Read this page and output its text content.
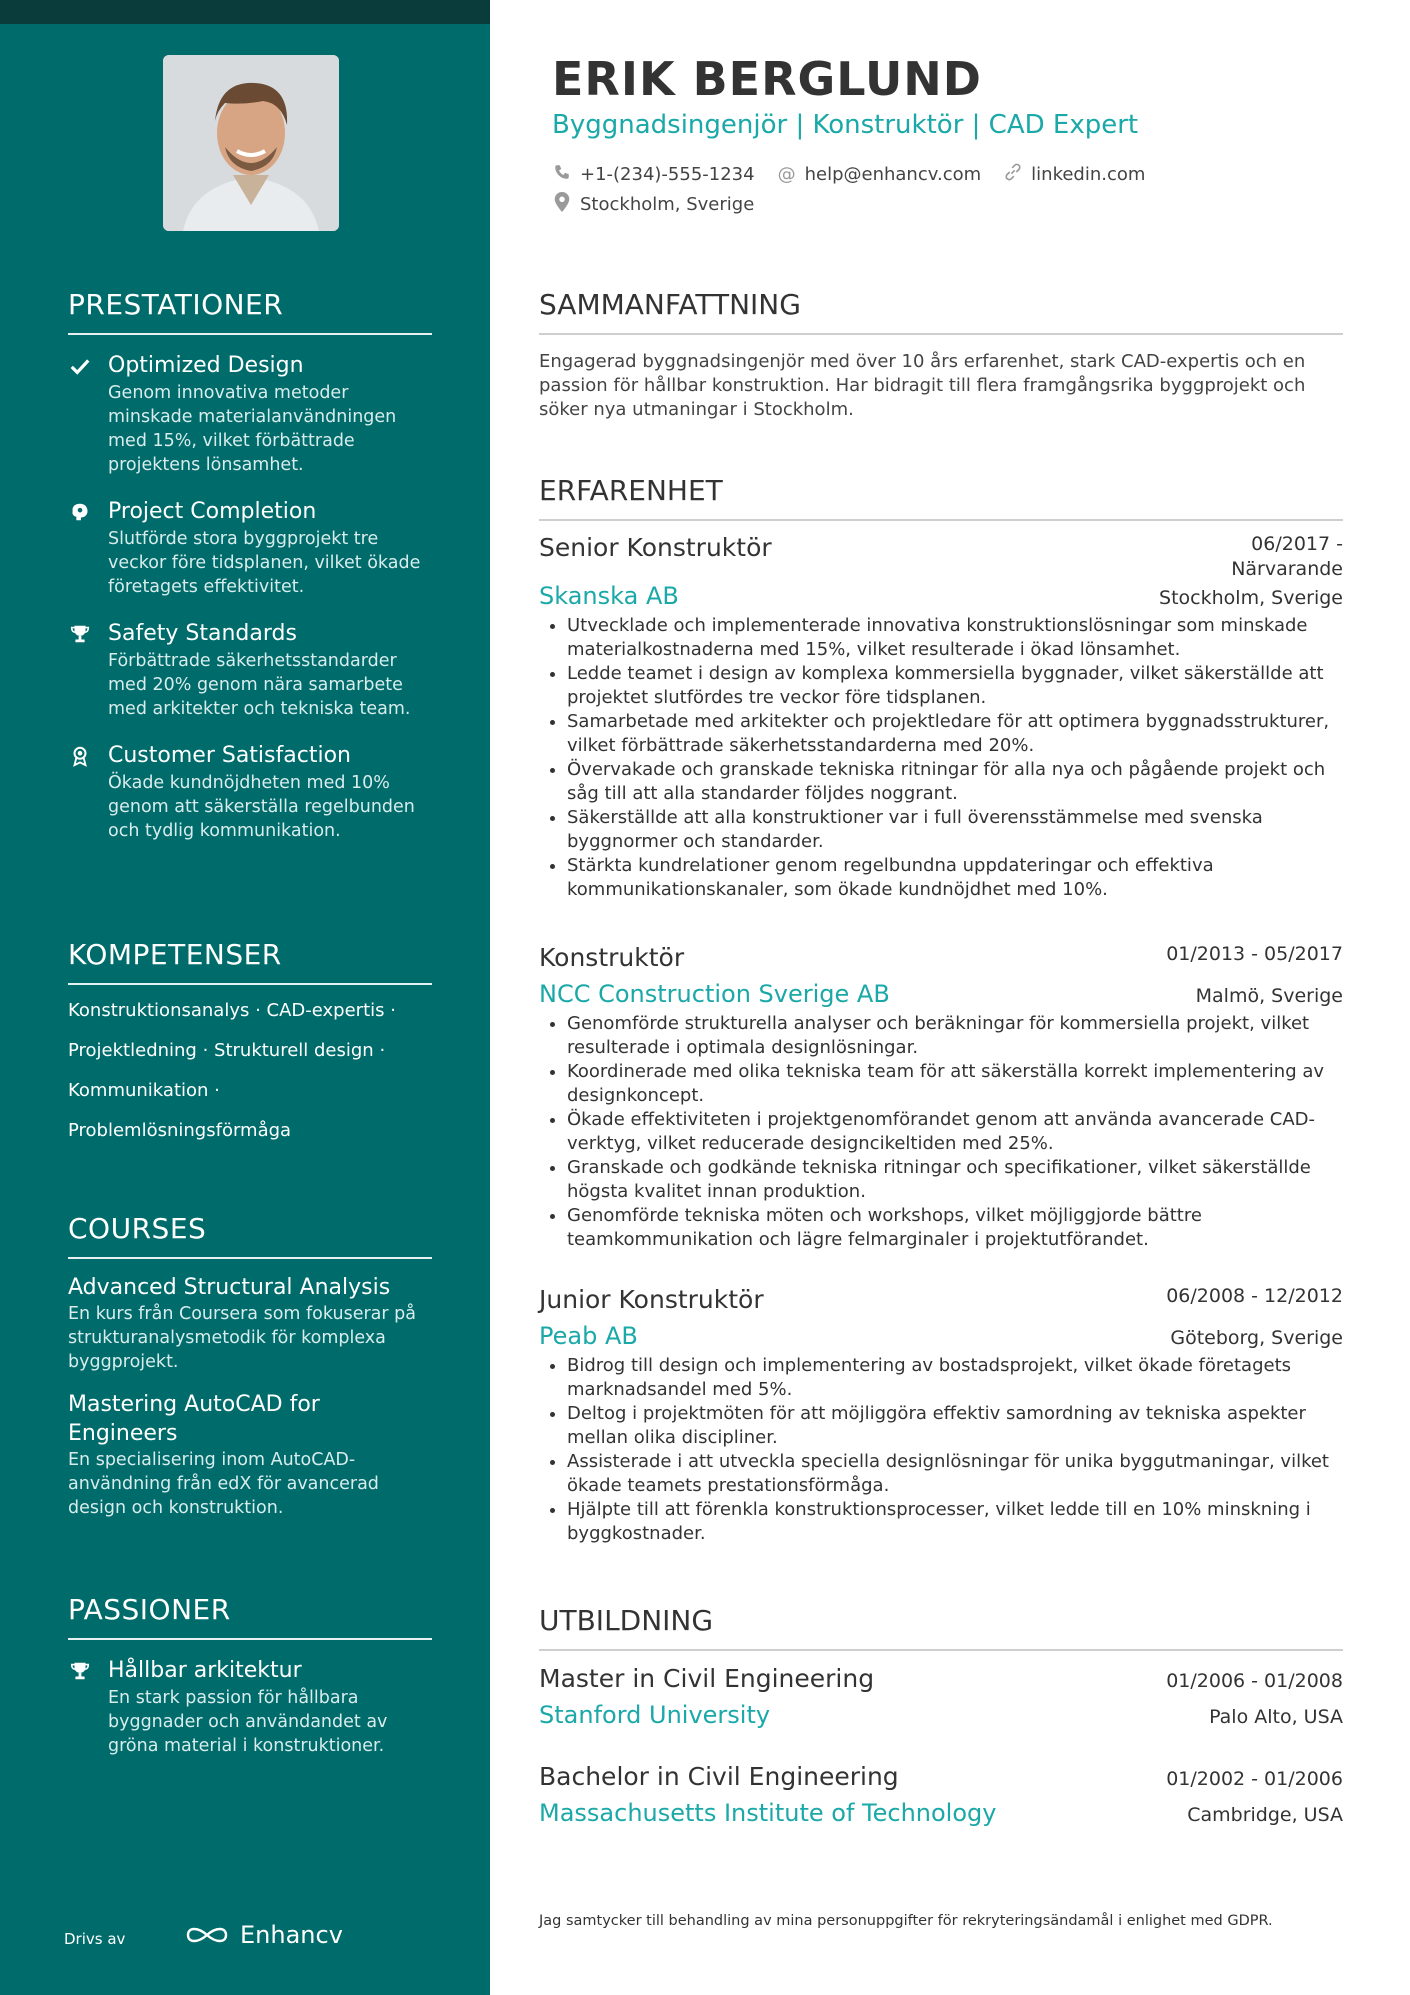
PRESTATIONER
Optimized Design
Genom innovativa metoder minskade materialanvändningen med 15%, vilket förbättrade projektens lönsamhet.
Project Completion
Slutförde stora byggprojekt tre veckor före tidsplanen, vilket ökade företagets effektivitet.
Safety Standards
Förbättrade säkerhetsstandarder med 20% genom nära samarbete med arkitekter och tekniska team.
Customer Satisfaction
Ökade kundnöjdheten med 10% genom att säkerställa regelbunden och tydlig kommunikation.
KOMPETENSER
Konstruktionsanalys · CAD-expertis ·
Projektledning · Strukturell design ·
Kommunikation ·
Problemlösningsförmåga
COURSES
Advanced Structural Analysis
En kurs från Coursera som fokuserar på strukturanalysmetodik för komplexa byggprojekt.
Mastering AutoCAD for Engineers
En specialisering inom AutoCAD-användning från edX för avancerad design och konstruktion.
PASSIONER
Hållbar arkitektur
En stark passion för hållbara byggnader och användandet av gröna material i konstruktioner.
Drivs av	Enhancv
ERIK BERGLUND
Byggnadsingenjör | Konstruktör | CAD Expert
+1-(234)-555-1234 @ help@enhancv.com	linkedin.com
Stockholm, Sverige
SAMMANFATTNING
Engagerad byggnadsingenjör med över 10 års erfarenhet, stark CAD-expertis och en passion för hållbar konstruktion. Har bidragit till flera framgångsrika byggprojekt och söker nya utmaningar i Stockholm.
ERFARENHET
Senior Konstruktör	06/2017 -
Närvarande
Skanska AB	Stockholm, Sverige
• Utvecklade och implementerade innovativa konstruktionslösningar som minskade materialkostnaderna med 15%, vilket resulterade i ökad lönsamhet.
• Ledde teamet i design av komplexa kommersiella byggnader, vilket säkerställde att projektet slutfördes tre veckor före tidsplanen.
• Samarbetade med arkitekter och projektledare för att optimera byggnadsstrukturer, vilket förbättrade säkerhetsstandarderna med 20%.
• Övervakade och granskade tekniska ritningar för alla nya och pågående projekt och såg till att alla standarder följdes noggrant.
• Säkerställde att alla konstruktioner var i full överensstämmelse med svenska byggnormer och standarder.
• Stärkta kundrelationer genom regelbundna uppdateringar och effektiva kommunikationskanaler, som ökade kundnöjdhet med 10%.
Konstruktör	01/2013 - 05/2017
NCC Construction Sverige AB	Malmö, Sverige
• Genomförde strukturella analyser och beräkningar för kommersiella projekt, vilket resulterade i optimala designlösningar.
• Koordinerade med olika tekniska team för att säkerställa korrekt implementering av designkoncept.
• Ökade effektiviteten i projektgenomförandet genom att använda avancerade CAD-verktyg, vilket reducerade designcikeltiden med 25%.
• Granskade och godkände tekniska ritningar och specifikationer, vilket säkerställde högsta kvalitet innan produktion.
• Genomförde tekniska möten och workshops, vilket möjliggjorde bättre teamkommunikation och lägre felmarginaler i projektutförandet.
Junior Konstruktör	06/2008 - 12/2012
Peab AB	Göteborg, Sverige
• Bidrog till design och implementering av bostadsprojekt, vilket ökade företagets marknadsandel med 5%.
• Deltog i projektmöten för att möjliggöra effektiv samordning av tekniska aspekter mellan olika discipliner.
• Assisterade i att utveckla speciella designlösningar för unika byggutmaningar, vilket ökade teamets prestationsförmåga.
• Hjälpte till att förenkla konstruktionsprocesser, vilket ledde till en 10% minskning i byggkostnader.
UTBILDNING
Master in Civil Engineering	01/2006 - 01/2008
Stanford University	Palo Alto, USA
Bachelor in Civil Engineering	01/2002 - 01/2006
Massachusetts Institute of Technology	Cambridge, USA
Jag samtycker till behandling av mina personuppgifter för rekryteringsändamål i enlighet med GDPR.
